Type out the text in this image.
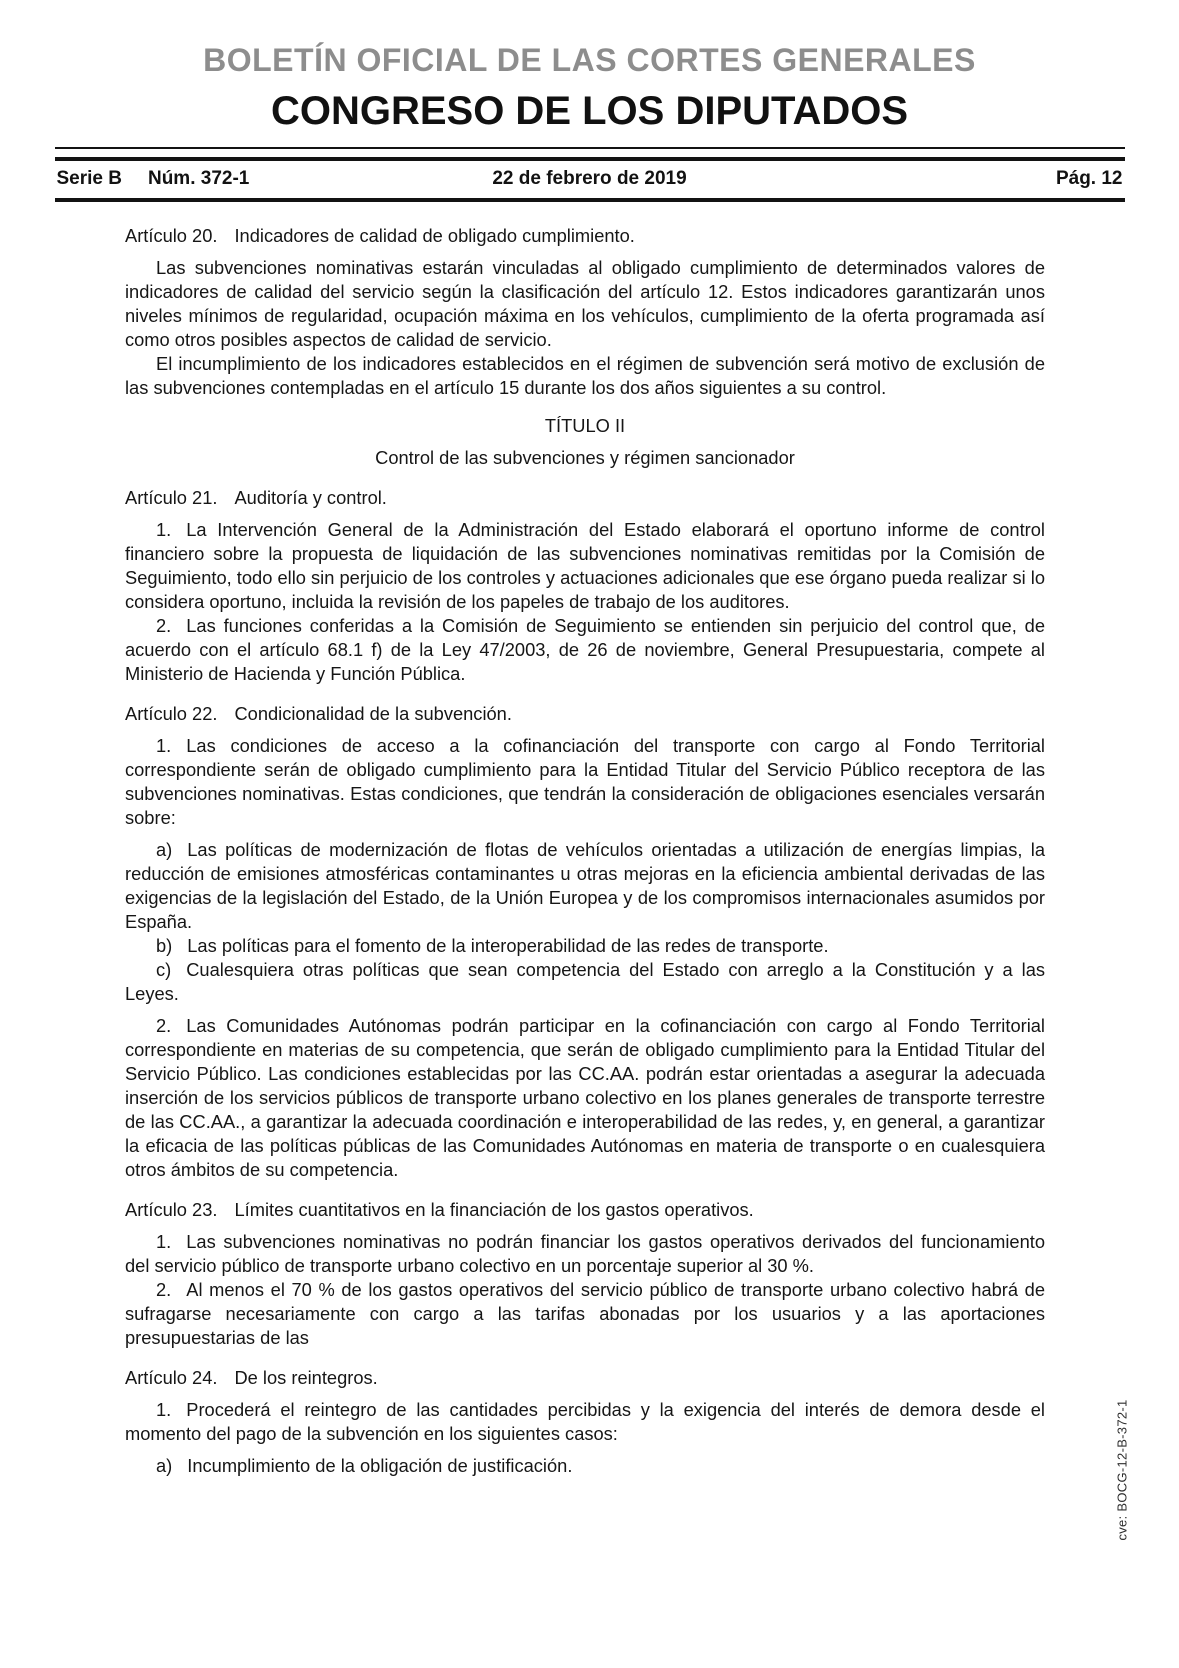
BOLETÍN OFICIAL DE LAS CORTES GENERALES
CONGRESO DE LOS DIPUTADOS
Serie B Núm. 372-1	22 de febrero de 2019	Pág. 12
Artículo 20. Indicadores de calidad de obligado cumplimiento.

Las subvenciones nominativas estarán vinculadas al obligado cumplimiento de determinados valores de indicadores de calidad del servicio según la clasificación del artículo 12. Estos indicadores garantizarán unos niveles mínimos de regularidad, ocupación máxima en los vehículos, cumplimiento de la oferta programada así como otros posibles aspectos de calidad de servicio.

El incumplimiento de los indicadores establecidos en el régimen de subvención será motivo de exclusión de las subvenciones contempladas en el artículo 15 durante los dos años siguientes a su control.

TÍTULO II
Control de las subvenciones y régimen sancionador
Artículo 21. Auditoría y control.

1. La Intervención General de la Administración del Estado elaborará el oportuno informe de control financiero sobre la propuesta de liquidación de las subvenciones nominativas remitidas por la Comisión de Seguimiento, todo ello sin perjuicio de los controles y actuaciones adicionales que ese órgano pueda realizar si lo considera oportuno, incluida la revisión de los papeles de trabajo de los auditores.

2. Las funciones conferidas a la Comisión de Seguimiento se entienden sin perjuicio del control que, de acuerdo con el artículo 68.1 f) de la Ley 47/2003, de 26 de noviembre, General Presupuestaria, compete al Ministerio de Hacienda y Función Pública.

Artículo 22. Condicionalidad de la subvención.

1. Las condiciones de acceso a la cofinanciación del transporte con cargo al Fondo Territorial correspondiente serán de obligado cumplimiento para la Entidad Titular del Servicio Público receptora de las subvenciones nominativas. Estas condiciones, que tendrán la consideración de obligaciones esenciales versarán sobre:

a) Las políticas de modernización de flotas de vehículos orientadas a utilización de energías limpias, la reducción de emisiones atmosféricas contaminantes u otras mejoras en la eficiencia ambiental derivadas de las exigencias de la legislación del Estado, de la Unión Europea y de los compromisos internacionales asumidos por España.

b) Las políticas para el fomento de la interoperabilidad de las redes de transporte.

c) Cualesquiera otras políticas que sean competencia del Estado con arreglo a la Constitución y a las Leyes.

2. Las Comunidades Autónomas podrán participar en la cofinanciación con cargo al Fondo Territorial correspondiente en materias de su competencia, que serán de obligado cumplimiento para la Entidad Titular del Servicio Público. Las condiciones establecidas por las CC.AA. podrán estar orientadas a asegurar la adecuada inserción de los servicios públicos de transporte urbano colectivo en los planes generales de transporte terrestre de las CC.AA., a garantizar la adecuada coordinación e interoperabilidad de las redes, y, en general, a garantizar la eficacia de las políticas públicas de las Comunidades Autónomas en materia de transporte o en cualesquiera otros ámbitos de su competencia.

Artículo 23. Límites cuantitativos en la financiación de los gastos operativos.

1. Las subvenciones nominativas no podrán financiar los gastos operativos derivados del funcionamiento del servicio público de transporte urbano colectivo en un porcentaje superior al 30 %.

2. Al menos el 70 % de los gastos operativos del servicio público de transporte urbano colectivo habrá de sufragarse necesariamente con cargo a las tarifas abonadas por los usuarios y a las aportaciones presupuestarias de las

Artículo 24. De los reintegros.

1. Procederá el reintegro de las cantidades percibidas y la exigencia del interés de demora desde el momento del pago de la subvención en los siguientes casos:

a) Incumplimiento de la obligación de justificación.	cve: BOCG-12-B-372-1
